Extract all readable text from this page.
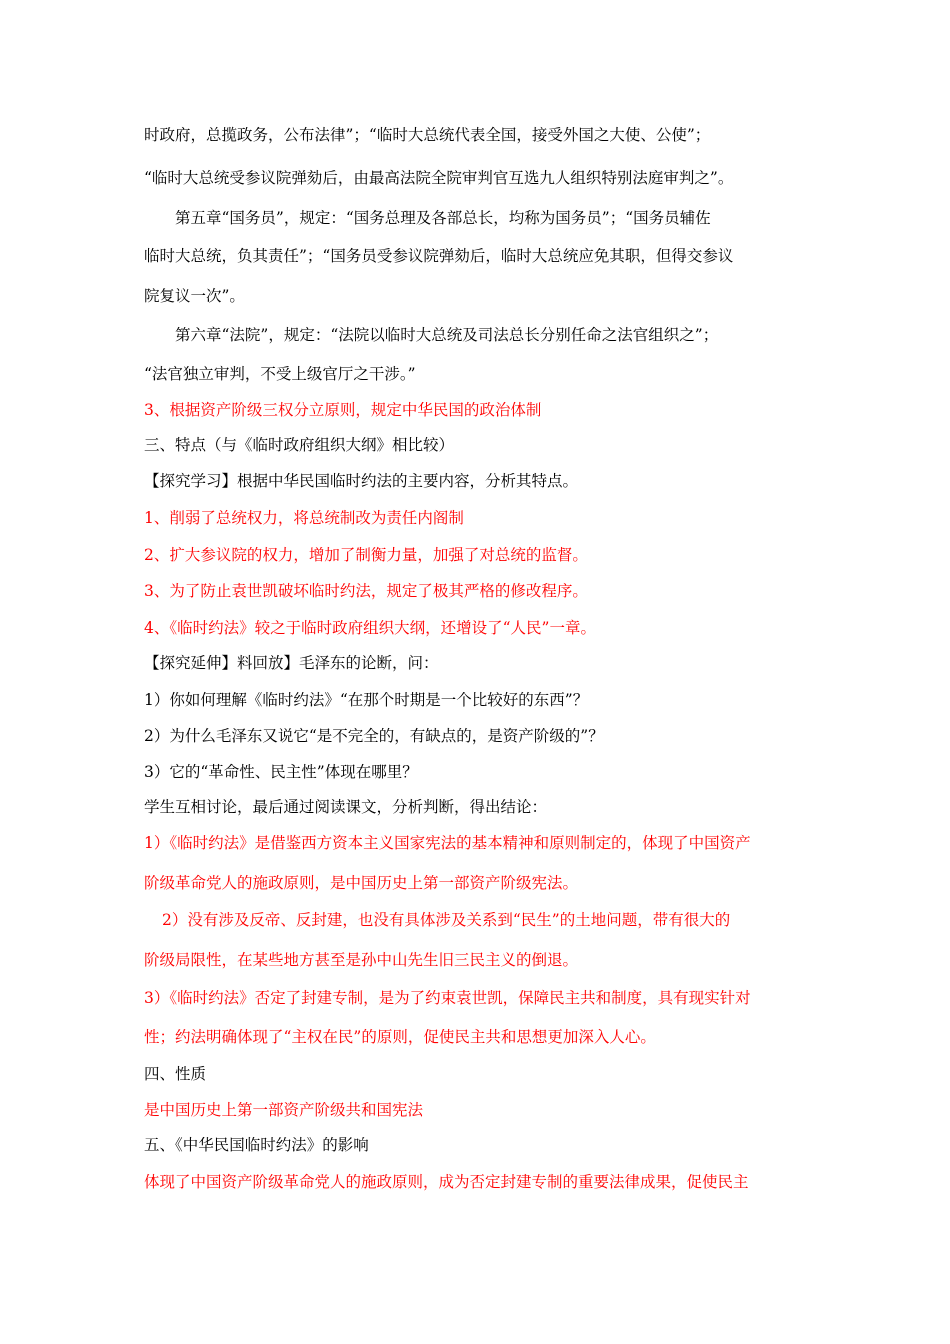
时政府，总揽政务，公布法律”；“临时大总统代表全国，接受外国之大使、公使”；
“临时大总统受参议院弹劾后，由最高法院全院审判官互选九人组织特别法庭审判之”。
第五章“国务员”，规定：“国务总理及各部总长，均称为国务员”；“国务员辅佐
临时大总统，负其责任”；“国务员受参议院弹劾后，临时大总统应免其职，但得交参议
院复议一次”。
第六章“法院”，规定：“法院以临时大总统及司法总长分别任命之法官组织之”；
“法官独立审判，不受上级官厅之干涉。”
3、根据资产阶级三权分立原则，规定中华民国的政治体制
三、特点（与《临时政府组织大纲》相比较）
【探究学习】根据中华民国临时约法的主要内容，分析其特点。
1、削弱了总统权力，将总统制改为责任内阁制
2、扩大参议院的权力，增加了制衡力量，加强了对总统的监督。
3、为了防止袁世凯破坏临时约法，规定了极其严格的修改程序。
4、《临时约法》较之于临时政府组织大纲，还增设了“人民”一章。
【探究延伸】料回放】毛泽东的论断，问：
1）你如何理解《临时约法》“在那个时期是一个比较好的东西”？
2）为什么毛泽东又说它“是不完全的，有缺点的，是资产阶级的”？
3）它的“革命性、民主性”体现在哪里？
学生互相讨论，最后通过阅读课文，分析判断，得出结论：
1）《临时约法》是借鉴西方资本主义国家宪法的基本精神和原则制定的，体现了中国资产
阶级革命党人的施政原则，是中国历史上第一部资产阶级宪法。
2）没有涉及反帝、反封建，也没有具体涉及关系到“民生”的土地问题，带有很大的
阶级局限性，在某些地方甚至是孙中山先生旧三民主义的倒退。
3）《临时约法》否定了封建专制，是为了约束袁世凯，保障民主共和制度，具有现实针对
性；约法明确体现了“主权在民”的原则，促使民主共和思想更加深入人心。
四、性质
是中国历史上第一部资产阶级共和国宪法
五、《中华民国临时约法》的影响
体现了中国资产阶级革命党人的施政原则，成为否定封建专制的重要法律成果，促使民主
